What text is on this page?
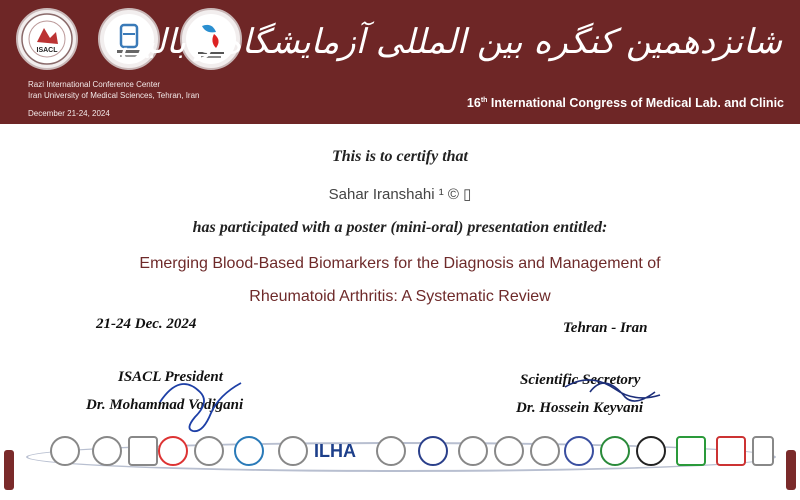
ISACL
Razi International Conference Center
Iran University of Medical Sciences, Tehran, Iran
December 21-24, 2024
شانزدهمین کنگره بین المللی آزمایشگاه و بالین
16th International Congress of Medical Lab. and Clinic
This is to certify that
Sahar Iranshahi ¹ © ▯
has participated with a poster (mini-oral) presentation entitled:
Emerging Blood-Based Biomarkers for the Diagnosis and Management of
Rheumatoid Arthritis: A Systematic Review
21-24 Dec. 2024	Tehran - Iran
ISACL President
Dr. Mohammad Vodjgani
Scientific Secretory
Dr. Hossein Keyvani
ILHA
